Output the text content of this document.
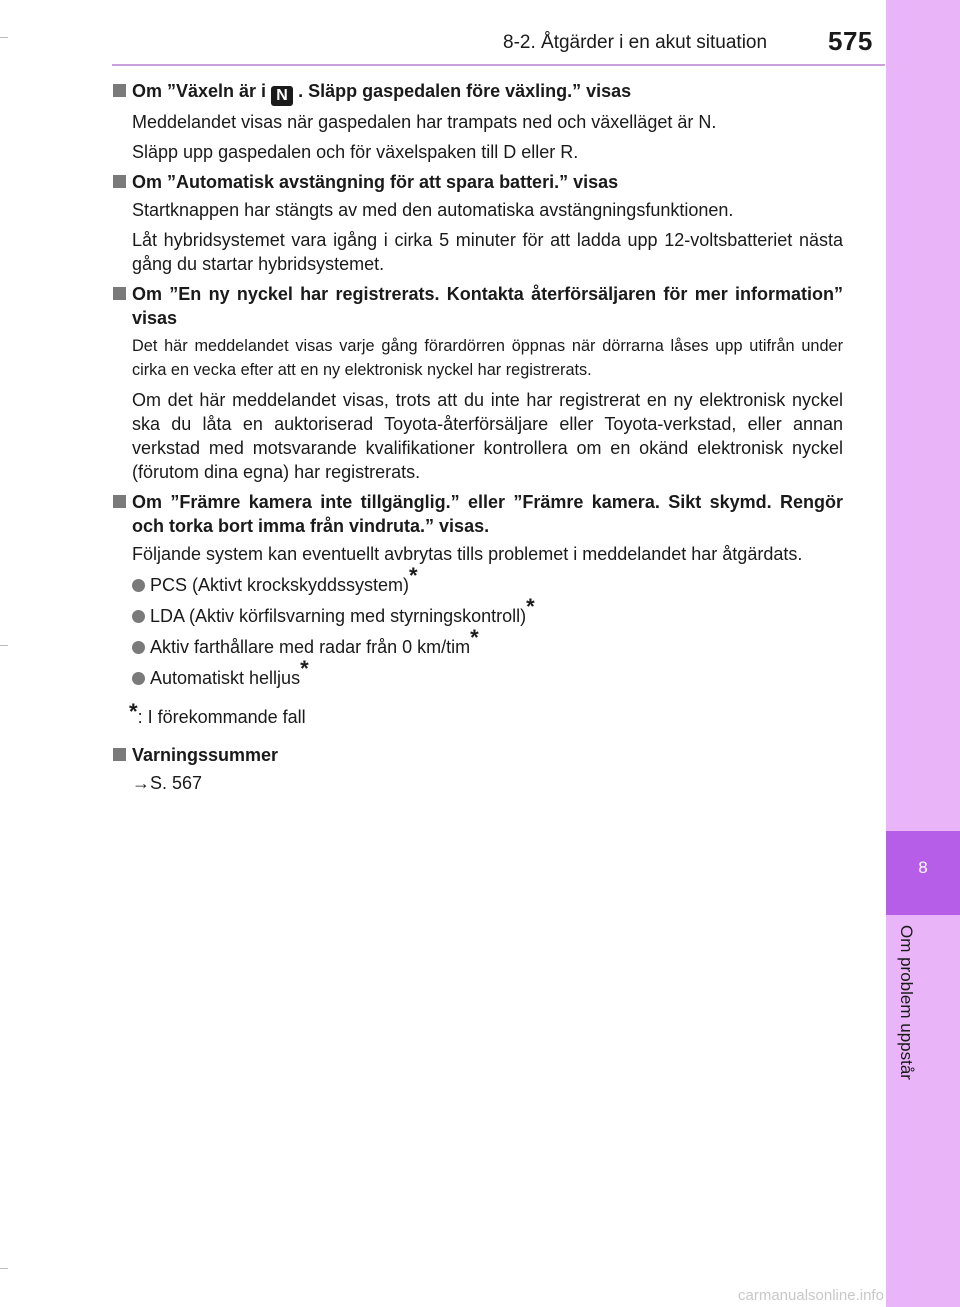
8
Om problem uppstår
8-2. Åtgärder i en akut situation 575
Om ”Växeln är i N . Släpp gaspedalen före växling.” visas
Meddelandet visas när gaspedalen har trampats ned och växelläget är N.
Släpp upp gaspedalen och för växelspaken till D eller R.
Om ”Automatisk avstängning för att spara batteri.” visas
Startknappen har stängts av med den automatiska avstängningsfunktionen.
Låt hybridsystemet vara igång i cirka 5 minuter för att ladda upp 12-voltsbatteriet nästa gång du startar hybridsystemet.
Om ”En ny nyckel har registrerats. Kontakta återförsäljaren för mer information” visas
Det här meddelandet visas varje gång förardörren öppnas när dörrarna låses upp utifrån under cirka en vecka efter att en ny elektronisk nyckel har registrerats.
Om det här meddelandet visas, trots att du inte har registrerat en ny elektronisk nyckel ska du låta en auktoriserad Toyota-återförsäljare eller Toyota-verkstad, eller annan verkstad med motsvarande kvalifikationer kontrollera om en okänd elektronisk nyckel (förutom dina egna) har registrerats.
Om ”Främre kamera inte tillgänglig.” eller ”Främre kamera. Sikt skymd. Rengör och torka bort imma från vindruta.” visas.
Följande system kan eventuellt avbrytas tills problemet i meddelandet har åtgärdats.
PCS (Aktivt krockskyddssystem)*
LDA (Aktiv körfilsvarning med styrningskontroll)*
Aktiv farthållare med radar från 0 km/tim*
Automatiskt helljus*
*: I förekommande fall
Varningssummer
→S. 567
carmanualsonline.info
